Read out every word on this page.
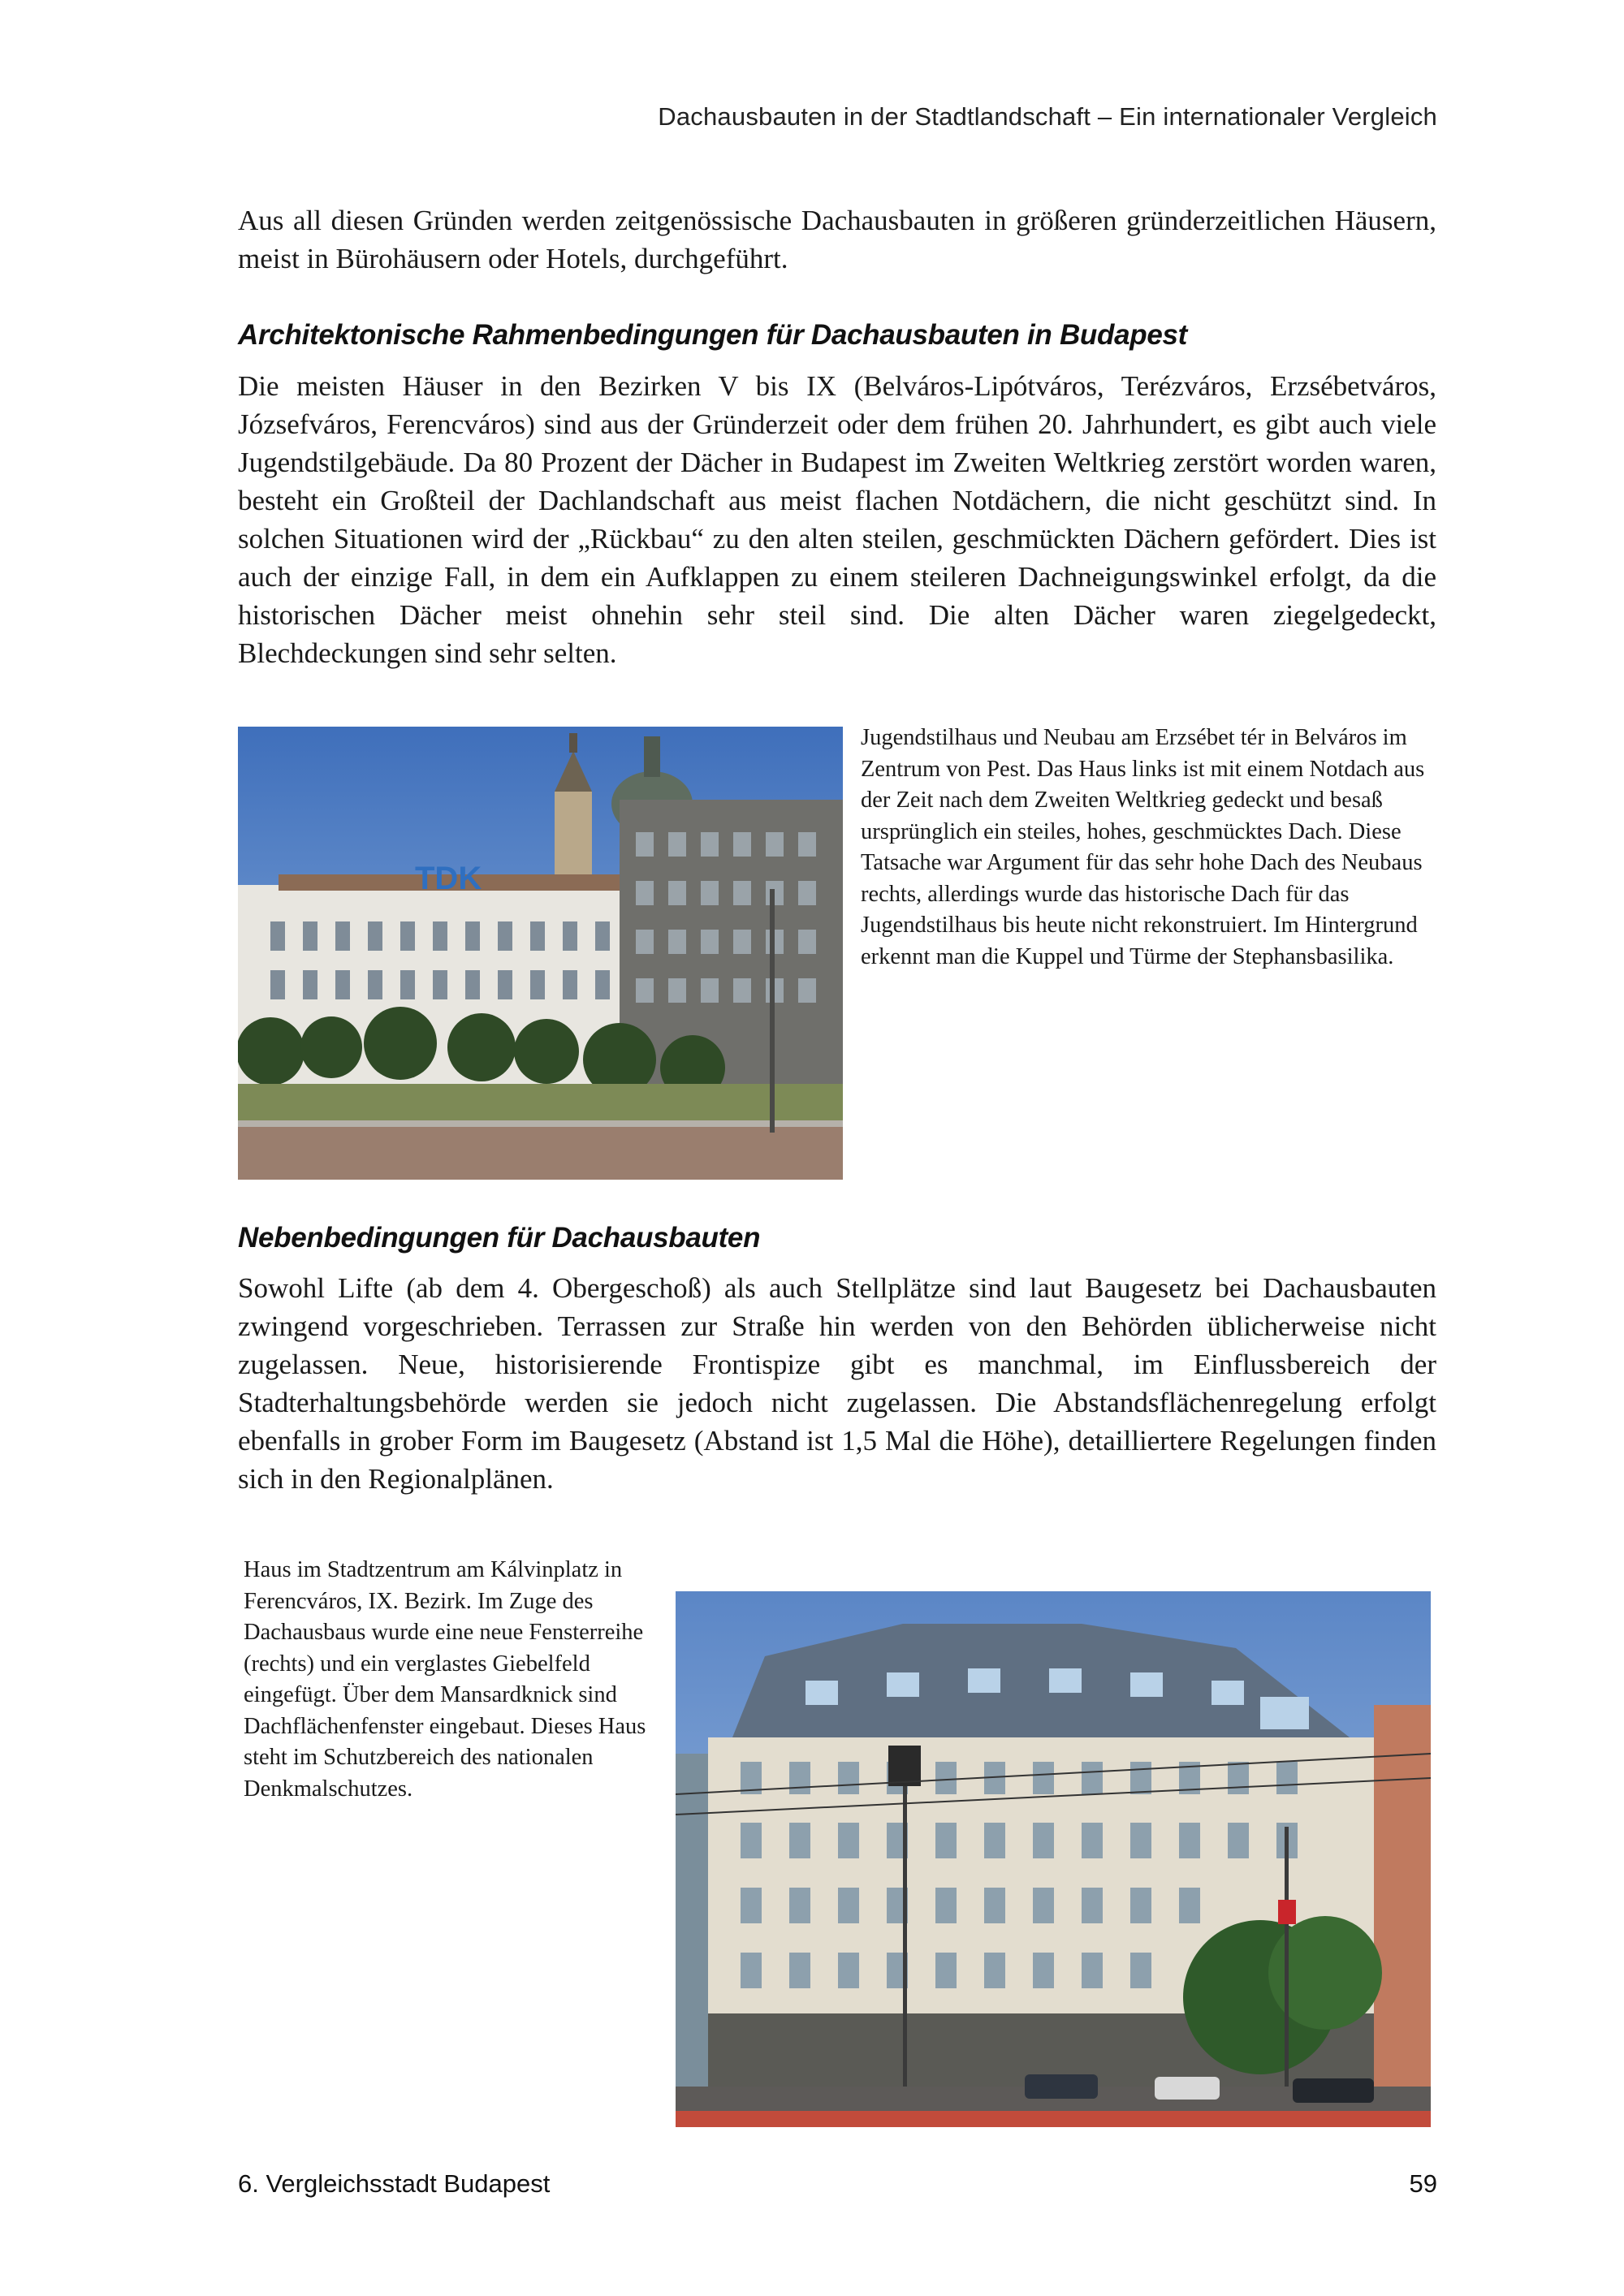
Dachausbauten in der Stadtlandschaft – Ein internationaler Vergleich

Aus all diesen Gründen werden zeitgenössische Dachausbauten in größeren gründerzeitlichen Häusern, meist in Bürohäusern oder Hotels, durchgeführt.

Architektonische Rahmenbedingungen für Dachausbauten in Budapest

Die meisten Häuser in den Bezirken V bis IX (Belváros-Lipótváros, Terézváros, Erzsébetváros, Józsefváros, Ferencváros) sind aus der Gründerzeit oder dem frühen 20. Jahrhundert, es gibt auch viele Jugendstilgebäude. Da 80 Prozent der Dächer in Budapest im Zweiten Weltkrieg zerstört worden waren, besteht ein Großteil der Dachlandschaft aus meist flachen Notdächern, die nicht geschützt sind. In solchen Situationen wird der „Rückbau“ zu den alten steilen, geschmückten Dächern gefördert. Dies ist auch der einzige Fall, in dem ein Aufklappen zu einem steileren Dachneigungswinkel erfolgt, da die historischen Dächer meist ohnehin sehr steil sind. Die alten Dächer waren ziegelgedeckt, Blechdeckungen sind sehr selten.

TDK

Jugendstilhaus und Neubau am Erzsébet tér in Belváros im Zentrum von Pest. Das Haus links ist mit einem Notdach aus der Zeit nach dem Zweiten Weltkrieg gedeckt und besaß ursprünglich ein steiles, hohes, geschmücktes Dach. Diese Tatsache war Argument für das sehr hohe Dach des Neubaus rechts, allerdings wurde das historische Dach für das Jugendstilhaus bis heute nicht rekonstruiert. Im Hintergrund erkennt man die Kuppel und Türme der Stephansbasilika.

Nebenbedingungen für Dachausbauten

Sowohl Lifte (ab dem 4. Obergeschoß) als auch Stellplätze sind laut Baugesetz bei Dachausbauten zwingend vorgeschrieben. Terrassen zur Straße hin werden von den Behörden üblicherweise nicht zugelassen. Neue, historisierende Frontispize gibt es manchmal, im Einflussbereich der Stadterhaltungsbehörde werden sie jedoch nicht zugelassen. Die Abstandsflächenregelung erfolgt ebenfalls in grober Form im Baugesetz (Abstand ist 1,5 Mal die Höhe), detailliertere Regelungen finden sich in den Regionalplänen.

Haus im Stadtzentrum am Kálvinplatz in Ferencváros, IX. Bezirk. Im Zuge des Dachausbaus wurde eine neue Fensterreihe (rechts) und ein verglastes Giebelfeld eingefügt. Über dem Mansardknick sind Dachflächenfenster eingebaut. Dieses Haus steht im Schutzbereich des nationalen Denkmalschutzes.

6. Vergleichsstadt Budapest	59
